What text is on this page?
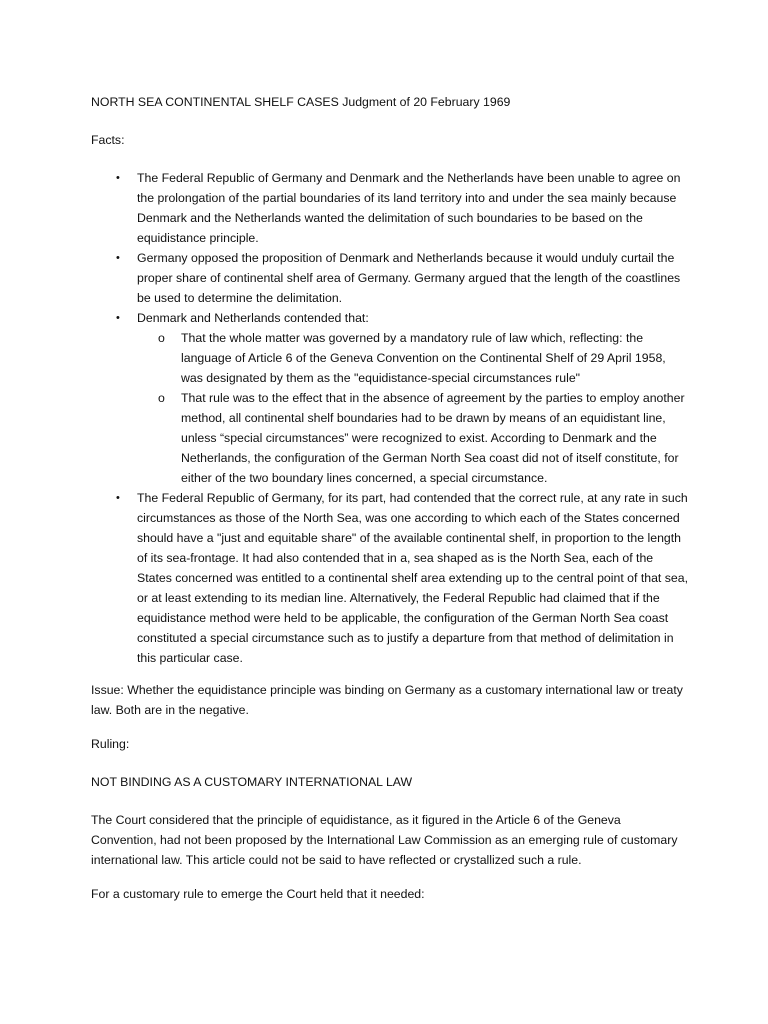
NORTH SEA CONTINENTAL SHELF CASES Judgment of 20 February 1969

Facts:

• The Federal Republic of Germany and Denmark and the Netherlands have been unable to agree on the prolongation of the partial boundaries of its land territory into and under the sea mainly because Denmark and the Netherlands wanted the delimitation of such boundaries to be based on the equidistance principle.
• Germany opposed the proposition of Denmark and Netherlands because it would unduly curtail the proper share of continental shelf area of Germany. Germany argued that the length of the coastlines be used to determine the delimitation.
• Denmark and Netherlands contended that:
o That the whole matter was governed by a mandatory rule of law which, reflecting: the language of Article 6 of the Geneva Convention on the Continental Shelf of 29 April 1958, was designated by them as the "equidistance-special circumstances rule"
o That rule was to the effect that in the absence of agreement by the parties to employ another method, all continental shelf boundaries had to be drawn by means of an equidistant line, unless “special circumstances” were recognized to exist. According to Denmark and the Netherlands, the configuration of the German North Sea coast did not of itself constitute, for either of the two boundary lines concerned, a special circumstance.
• The Federal Republic of Germany, for its part, had contended that the correct rule, at any rate in such circumstances as those of the North Sea, was one according to which each of the States concerned should have a "just and equitable share" of the available continental shelf, in proportion to the length of its sea-frontage. It had also contended that in a, sea shaped as is the North Sea, each of the States concerned was entitled to a continental shelf area extending up to the central point of that sea, or at least extending to its median line. Alternatively, the Federal Republic had claimed that if the equidistance method were held to be applicable, the configuration of the German North Sea coast constituted a special circumstance such as to justify a departure from that method of delimitation in this particular case.

Issue: Whether the equidistance principle was binding on Germany as a customary international law or treaty law. Both are in the negative.

Ruling:

NOT BINDING AS A CUSTOMARY INTERNATIONAL LAW

The Court considered that the principle of equidistance, as it figured in the Article 6 of the Geneva Convention, had not been proposed by the International Law Commission as an emerging rule of customary international law. This article could not be said to have reflected or crystallized such a rule.

For a customary rule to emerge the Court held that it needed:
